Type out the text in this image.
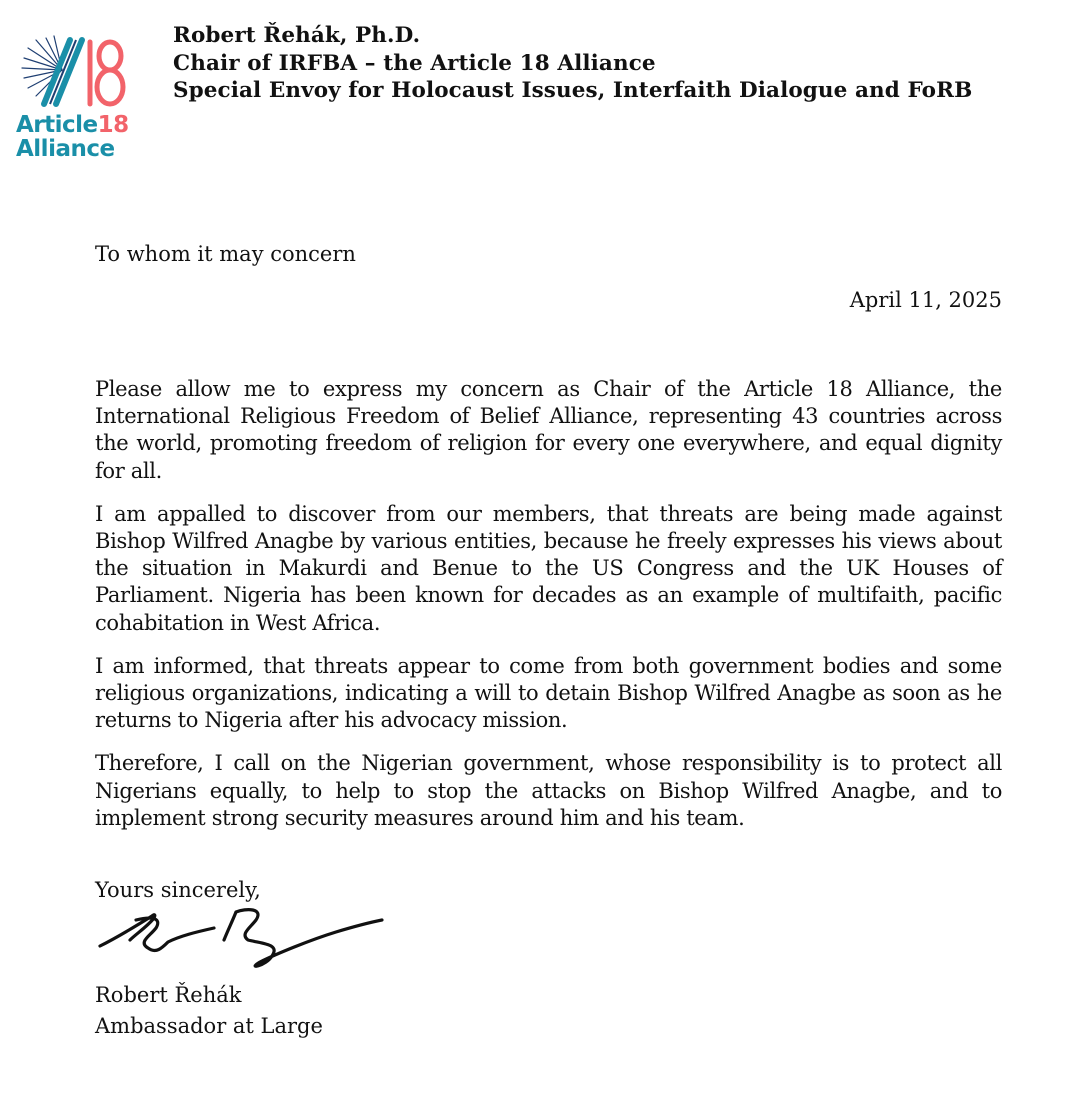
Article18
Alliance
Robert Řehák, Ph.D.
Chair of IRFBA – the Article 18 Alliance
Special Envoy for Holocaust Issues, Interfaith Dialogue and FoRB
To whom it may concern
April 11, 2025

Please allow me to express my concern as Chair of the Article 18 Alliance, the International Religious Freedom of Belief Alliance, representing 43 countries across the world, promoting freedom of religion for every one everywhere, and equal dignity for all.

I am appalled to discover from our members, that threats are being made against Bishop Wilfred Anagbe by various entities, because he freely expresses his views about the situation in Makurdi and Benue to the US Congress and the UK Houses of Parliament. Nigeria has been known for decades as an example of multifaith, pacific cohabitation in West Africa.

I am informed, that threats appear to come from both government bodies and some religious organizations, indicating a will to detain Bishop Wilfred Anagbe as soon as he returns to Nigeria after his advocacy mission.

Therefore, I call on the Nigerian government, whose responsibility is to protect all Nigerians equally, to help to stop the attacks on Bishop Wilfred Anagbe, and to implement strong security measures around him and his team.

Yours sincerely,
Robert Řehák
Ambassador at Large
